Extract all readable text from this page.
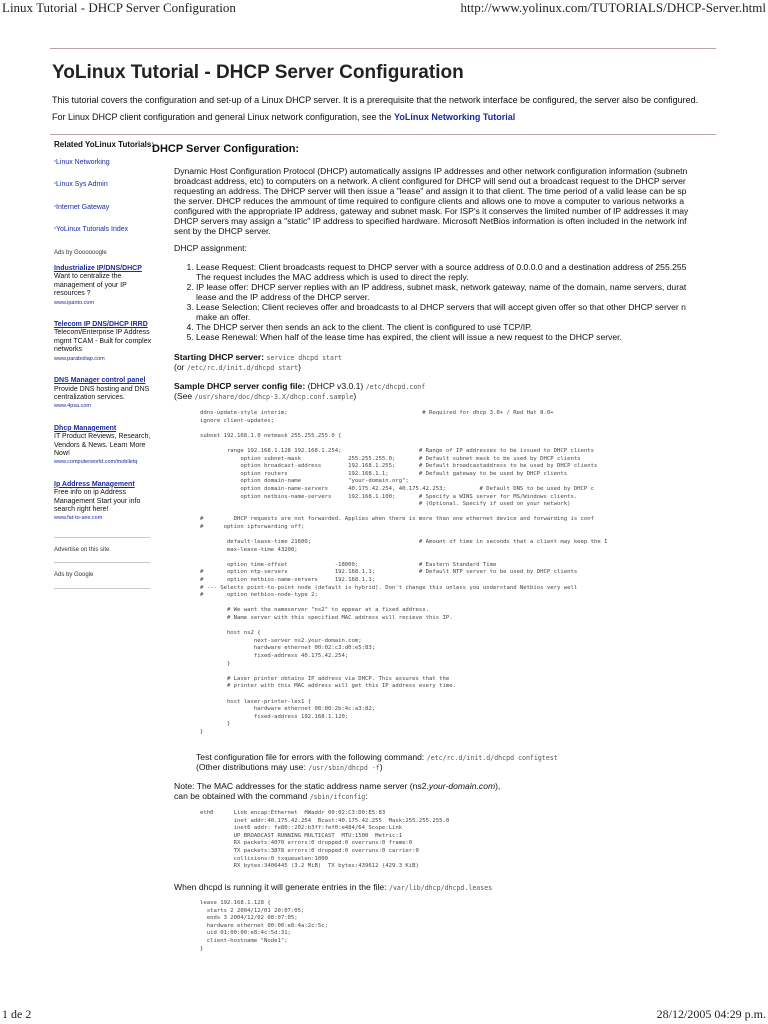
Linux Tutorial - DHCP Server Configuration	http://www.yolinux.com/TUTORIALS/DHCP-Server.html
YoLinux Tutorial - DHCP Server Configuration
This tutorial covers the configuration and set-up of a Linux DHCP server. It is a prerequisite that the network interface be configured, the server also be configured.
For Linux DHCP client configuration and general Linux network configuration, see the YoLinux Networking Tutorial
Related YoLinux Tutorials:
°Linux Networking
°Linux Sys Admin
°Internet Gateway
°YoLinux Tutorials Index
Ads by Goooooogle
Industrialize IP/DNS/DHCP
Want to centralize the management of your IP resources ?
www.ipanto.com
Telecom IP DNS/DHCP IRRD
Telecom/Enterprise IP Address mgmt TCAM - Built for complex networks
www.paraboliap.com
DNS Manager control panel
Provide DNS hosting and DNS centralization services.
www.4psa.com
Dhcp Management
IT Product Reviews, Research, Vendors & News. Learn More Now!
www.computerworld.com/mobiletq
Ip Address Management
Free info on ip Address Management Start your info search right here!
www.fat-to-see.com
Advertise on this site
Ads by Google
DHCP Server Configuration:

Dynamic Host Configuration Protocol (DHCP) automatically assigns IP addresses and other network configuration information (subnetn

broadcast address, etc) to computers on a network. A client configured for DHCP will send out a broadcast request to the DHCP server

requesting an address. The DHCP server will then issue a "lease" and assign it to that client. The time period of a valid lease can be sp

the server. DHCP reduces the ammount of time required to configure clients and allows one to move a computer to various networks a

configured with the appropriate IP address, gateway and subnet mask. For ISP's it conserves the limited number of IP addresses it may

DHCP servers may assign a "static" IP address to specified hardware. Microsoft NetBios information is often included in the network inf

sent by the DHCP server.

DHCP assignment:
1. Lease Request: Client broadcasts request to DHCP server with a source address of 0.0.0.0 and a destination address of 255.255
The request includes the MAC address which is used to direct the reply.
2. IP lease offer: DHCP server replies with an IP address, subnet mask, network gateway, name of the domain, name servers, durat
lease and the IP address of the DHCP server.
3. Lease Selection: Client recieves offer and broadcasts to al DHCP servers that will accept given offer so that other DHCP server n
make an offer.
4. The DHCP server then sends an ack to the client. The client is configured to use TCP/IP.
5. Lease Renewal: When half of the lease time has expired, the client will issue a new request to the DHCP server.
Starting DHCP server: service dhcpd start
(or /etc/rc.d/init.d/dhcpd start)
Sample DHCP server config file: (DHCP v3.0.1) /etc/dhcpd.conf
(See /usr/share/doc/dhcp-3.X/dhcp.conf.sample)
ddns-update-style interim;                                        # Required for dhcp 3.0+ / Red Hat 8.0+
ignore client-updates;

subnet 192.168.1.0 netmask 255.255.255.0 {

range 192.168.1.128 192.168.1.254;                       # Range of IP addresses to be issued to DHCP clients
option subnet-mask              255.255.255.0;       # Default subnet mask to be used by DHCP clients
option broadcast-address        192.168.1.255;       # Default broadcastaddress to be used by DHCP clients
option routers                  192.168.1.1;         # Default gateway to be used by DHCP clients
option domain-name              "your-domain.org";
option domain-name-servers      40.175.42.254, 40.175.42.253;          # Default DNS to be used by DHCP c
option netbios-name-servers     192.168.1.100;       # Specify a WINS server for MS/Windows clients.
# (Optional. Specify if used on your network)

#         DHCP requests are not forwarded. Applies when there is more than one ethernet device and forwarding is conf
#      option ipforwarding off;

default-lease-time 21600;                                # Amount of time in seconds that a client may keep the I
max-lease-time 43200;

option time-offset              -18000;                  # Eastern Standard Time
#       option ntp-servers              192.168.1.1;             # Default NTP server to be used by DHCP clients
#       option netbios-name-servers     192.168.1.1;
# --- Selects point-to-point node (default is hybrid). Don't change this unless you understand Netbios very well
#       option netbios-node-type 2;

# We want the nameserver "ns2" to appear at a fixed address.
# Name server with this specified MAC address will recieve this IP.

host ns2 {
next-server ns2.your-domain.com;
hardware ethernet 00:02:c3:d0:e5:83;
fixed-address 40.175.42.254;
}

# Laser printer obtains IP address via DHCP. This assures that the
# printer with this MAC address will get this IP address every time.

host laser-printer-lex1 {
hardware ethernet 08:00:2b:4c:a3:82;
fixed-address 192.168.1.120;
}
}
Test configuration file for errors with the following command: /etc/rc.d/init.d/dhcpd configtest
(Other distributions may use: /usr/sbin/dhcpd -f)
Note: The MAC addresses for the static address name server (ns2.your-domain.com),
can be obtained with the command /sbin/ifconfig:
eth0      Link encap:Ethernet  HWaddr 00:02:C3:D0:E5:83
inet addr:40.175.42.254  Bcast:40.175.42.255  Mask:255.255.255.0
inet6 addr: fe80::202:b3ff:fef0:e484/64 Scope:Link
UP BROADCAST RUNNING MULTICAST  MTU:1500  Metric:1
RX packets:4070 errors:0 dropped:0 overruns:0 frame:0
TX packets:3878 errors:0 dropped:0 overruns:0 carrier:0
collisions:0 txqueuelen:1000
RX bytes:3406445 (3.2 MiB)  TX bytes:439612 (429.3 KiB)
When dhcpd is running it will generate entries in the file: /var/lib/dhcp/dhcpd.leases
lease 192.168.1.128 {
starts 2 2004/12/01 20:07:05;
ends 3 2004/12/02 08:07:05;
hardware ethernet 00:00:e8:4a:2c:5c;
uid 01:00:00:e8:4c:5d:31;
client-hostname "Node1";
}
1 de 2	28/12/2005 04:29 p.m.
